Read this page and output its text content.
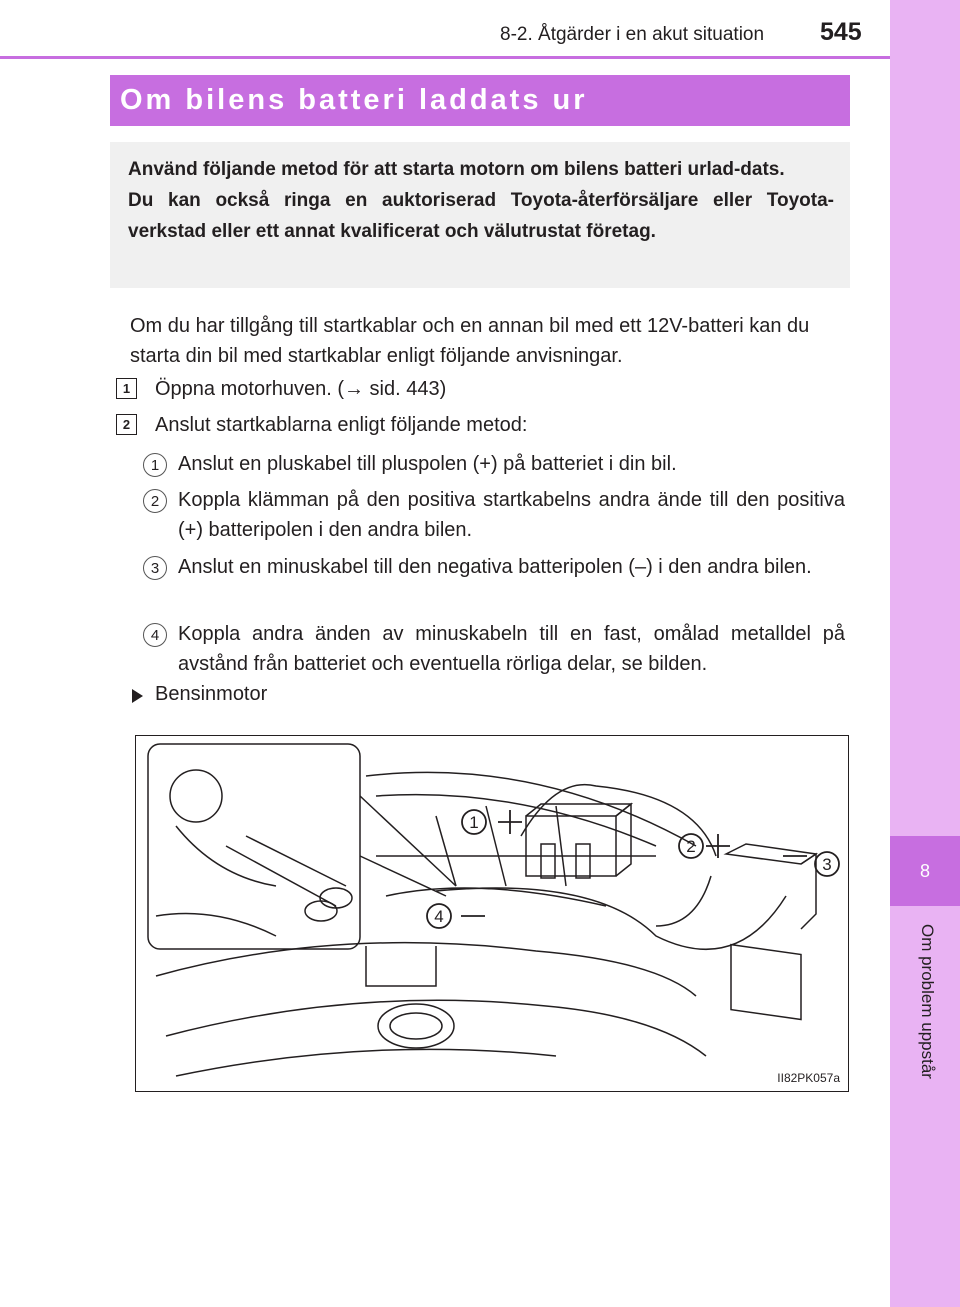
8
Om problem uppstår
8-2. Åtgärder i en akut situation 545
Om bilens batteri laddats ur

Använd följande metod för att starta motorn om bilens batteri urlad-dats.

Du kan också ringa en auktoriserad Toyota-återförsäljare eller Toyota-verkstad eller ett annat kvalificerat och välutrustat företag.

Om du har tillgång till startkablar och en annan bil med ett 12V-batteri kan du starta din bil med startkablar enligt följande anvisningar.

1	Öppna motorhuven. (→ sid. 443)
2	Anslut startkablarna enligt följande metod:
1 Anslut en pluskabel till pluspolen (+) på batteriet i din bil.

2 Koppla klämman på den positiva startkabelns andra ände till den positiva (+) batteripolen i den andra bilen.

3 Anslut en minuskabel till den negativa batteripolen (–) i den andra bilen.

4 Koppla andra änden av minuskabeln till en fast, omålad metalldel på avstånd från batteriet och eventuella rörliga delar, se bilden.

Bensinmotor
1
2
3
4
II82PK057a
